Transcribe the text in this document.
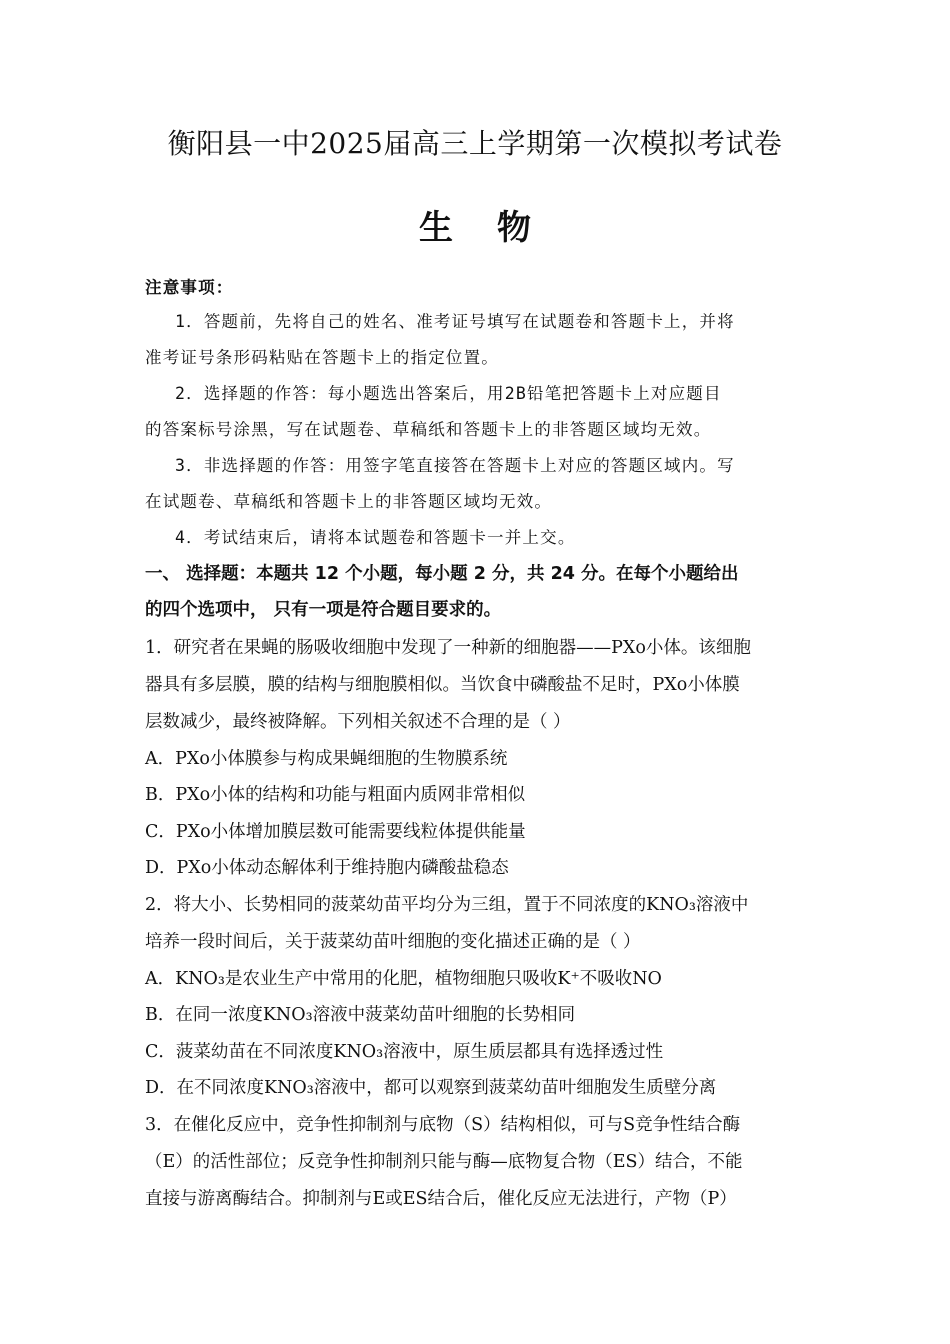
衡阳县一中2025届高三上学期第一次模拟考试卷
生物
注意事项：
1．答题前，先将自己的姓名、准考证号填写在试题卷和答题卡上，并将
准考证号条形码粘贴在答题卡上的指定位置。
2．选择题的作答：每小题选出答案后，用2B铅笔把答题卡上对应题目
的答案标号涂黑，写在试题卷、草稿纸和答题卡上的非答题区域均无效。
3．非选择题的作答：用签字笔直接答在答题卡上对应的答题区域内。写
在试题卷、草稿纸和答题卡上的非答题区域均无效。
4．考试结束后，请将本试题卷和答题卡一并上交。
一、 选择题：本题共 12 个小题，每小题 2 分，共 24 分。在每个小题给出
的四个选项中， 只有一项是符合题目要求的。
1．研究者在果蝇的肠吸收细胞中发现了一种新的细胞器——PXo小体。该细胞
器具有多层膜，膜的结构与细胞膜相似。当饮食中磷酸盐不足时，PXo小体膜
层数减少，最终被降解。下列相关叙述不合理的是（ ）
A．PXo小体膜参与构成果蝇细胞的生物膜系统
B．PXo小体的结构和功能与粗面内质网非常相似
C．PXo小体增加膜层数可能需要线粒体提供能量
D．PXo小体动态解体利于维持胞内磷酸盐稳态
2．将大小、长势相同的菠菜幼苗平均分为三组，置于不同浓度的KNO₃溶液中
培养一段时间后，关于菠菜幼苗叶细胞的变化描述正确的是（ ）
A．KNO₃是农业生产中常用的化肥，植物细胞只吸收K⁺不吸收NO
B．在同一浓度KNO₃溶液中菠菜幼苗叶细胞的长势相同
C．菠菜幼苗在不同浓度KNO₃溶液中，原生质层都具有选择透过性
D．在不同浓度KNO₃溶液中，都可以观察到菠菜幼苗叶细胞发生质壁分离
3．在催化反应中，竞争性抑制剂与底物（S）结构相似，可与S竞争性结合酶
（E）的活性部位；反竞争性抑制剂只能与酶—底物复合物（ES）结合，不能
直接与游离酶结合。抑制剂与E或ES结合后，催化反应无法进行，产物（P）
